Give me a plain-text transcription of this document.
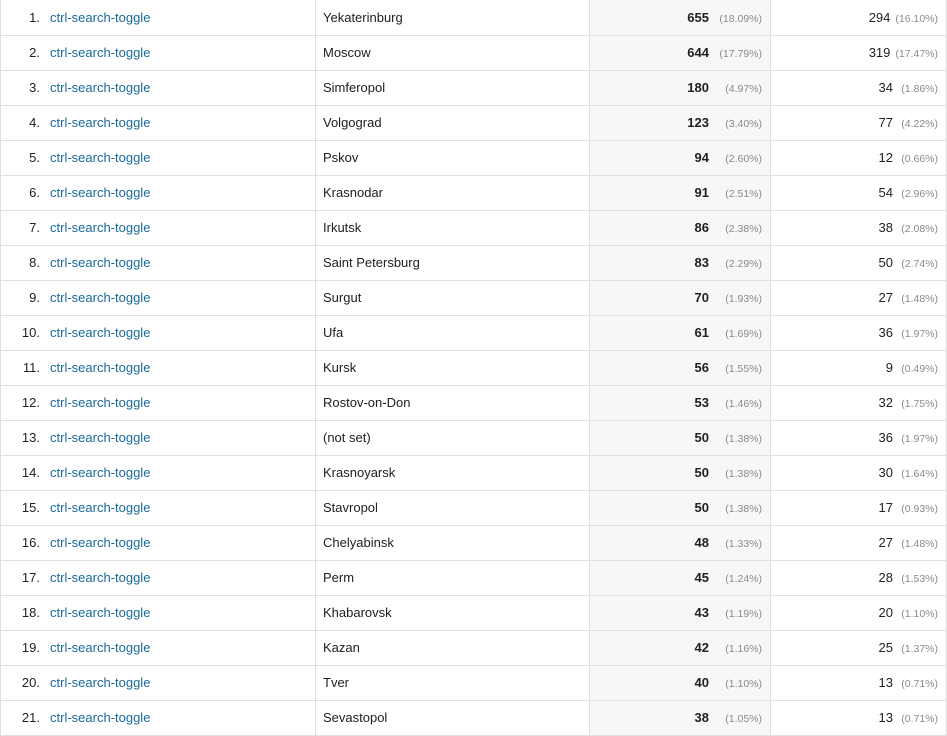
1.	ctrl-search-toggle	Yekaterinburg	655 (18.09%)	294 (16.10%)
2.	ctrl-search-toggle	Moscow	644 (17.79%)	319 (17.47%)
3.	ctrl-search-toggle	Simferopol	180 (4.97%)	34 (1.86%)
4.	ctrl-search-toggle	Volgograd	123 (3.40%)	77 (4.22%)
5.	ctrl-search-toggle	Pskov	94 (2.60%)	12 (0.66%)
6.	ctrl-search-toggle	Krasnodar	91 (2.51%)	54 (2.96%)
7.	ctrl-search-toggle	Irkutsk	86 (2.38%)	38 (2.08%)
8.	ctrl-search-toggle	Saint Petersburg	83 (2.29%)	50 (2.74%)
9.	ctrl-search-toggle	Surgut	70 (1.93%)	27 (1.48%)
10.	ctrl-search-toggle	Ufa	61 (1.69%)	36 (1.97%)
11.	ctrl-search-toggle	Kursk	56 (1.55%)	9 (0.49%)
12.	ctrl-search-toggle	Rostov-on-Don	53 (1.46%)	32 (1.75%)
13.	ctrl-search-toggle	(not set)	50 (1.38%)	36 (1.97%)
14.	ctrl-search-toggle	Krasnoyarsk	50 (1.38%)	30 (1.64%)
15.	ctrl-search-toggle	Stavropol	50 (1.38%)	17 (0.93%)
16.	ctrl-search-toggle	Chelyabinsk	48 (1.33%)	27 (1.48%)
17.	ctrl-search-toggle	Perm	45 (1.24%)	28 (1.53%)
18.	ctrl-search-toggle	Khabarovsk	43 (1.19%)	20 (1.10%)
19.	ctrl-search-toggle	Kazan	42 (1.16%)	25 (1.37%)
20.	ctrl-search-toggle	Tver	40 (1.10%)	13 (0.71%)
21.	ctrl-search-toggle	Sevastopol	38 (1.05%)	13 (0.71%)
